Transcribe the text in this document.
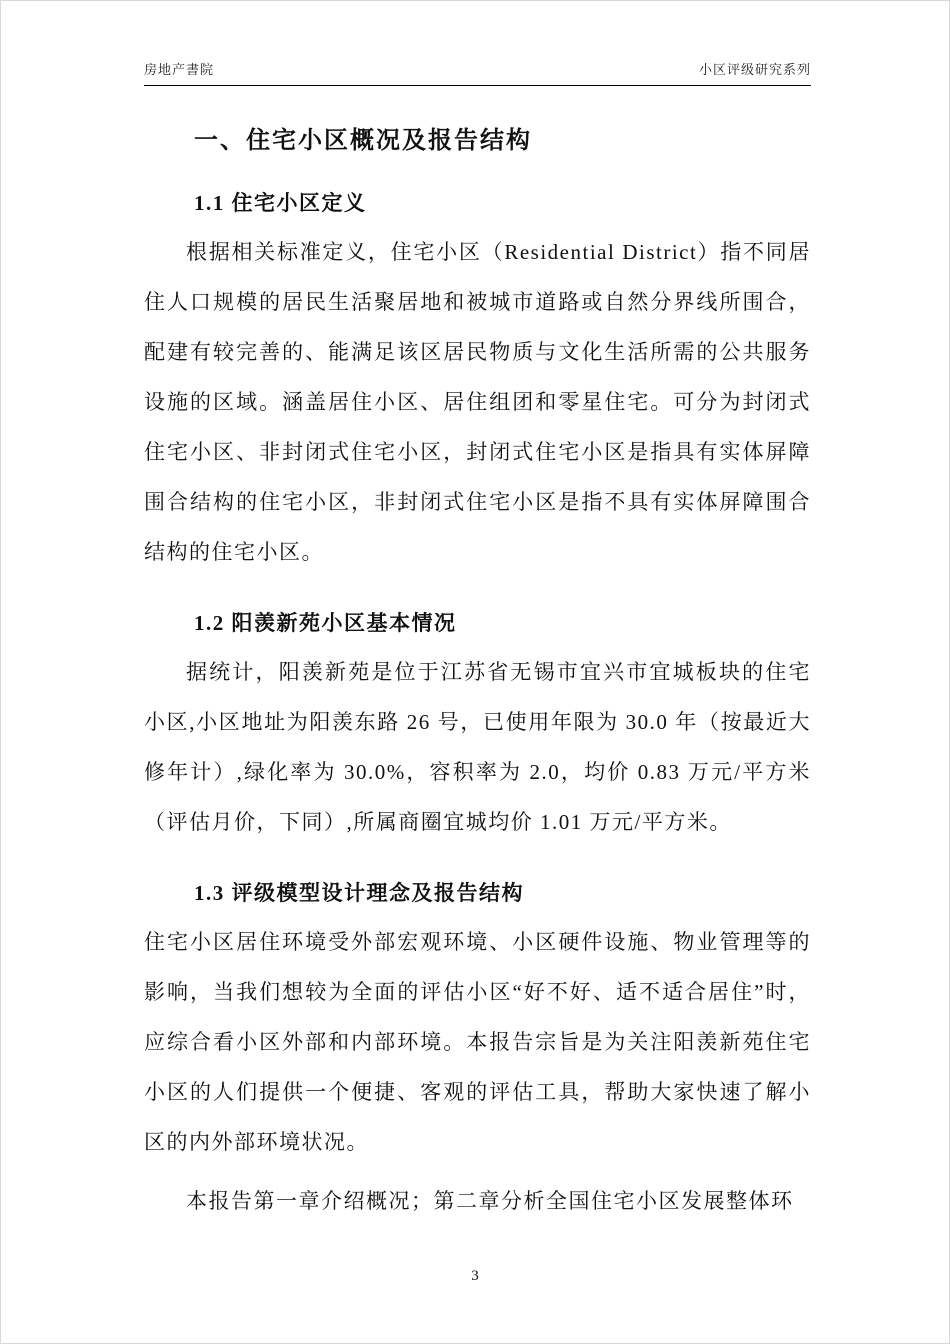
房地产書院	小区评级研究系列
一、住宅小区概况及报告结构
1.1 住宅小区定义

根据相关标准定义，住宅小区（Residential District）指不同居住人口规模的居民生活聚居地和被城市道路或自然分界线所围合，配建有较完善的、能满足该区居民物质与文化生活所需的公共服务设施的区域。涵盖居住小区、居住组团和零星住宅。可分为封闭式住宅小区、非封闭式住宅小区，封闭式住宅小区是指具有实体屏障围合结构的住宅小区，非封闭式住宅小区是指不具有实体屏障围合结构的住宅小区。

1.2 阳羡新苑小区基本情况

据统计，阳羡新苑是位于江苏省无锡市宜兴市宜城板块的住宅小区,小区地址为阳羡东路 26 号，已使用年限为 30.0 年（按最近大修年计）,绿化率为 30.0%，容积率为 2.0，均价 0.83 万元/平方米（评估月价，下同）,所属商圈宜城均价 1.01 万元/平方米。

1.3 评级模型设计理念及报告结构

住宅小区居住环境受外部宏观环境、小区硬件设施、物业管理等的影响，当我们想较为全面的评估小区“好不好、适不适合居住”时，应综合看小区外部和内部环境。本报告宗旨是为关注阳羡新苑住宅小区的人们提供一个便捷、客观的评估工具，帮助大家快速了解小区的内外部环境状况。

本报告第一章介绍概况；第二章分析全国住宅小区发展整体环

3
